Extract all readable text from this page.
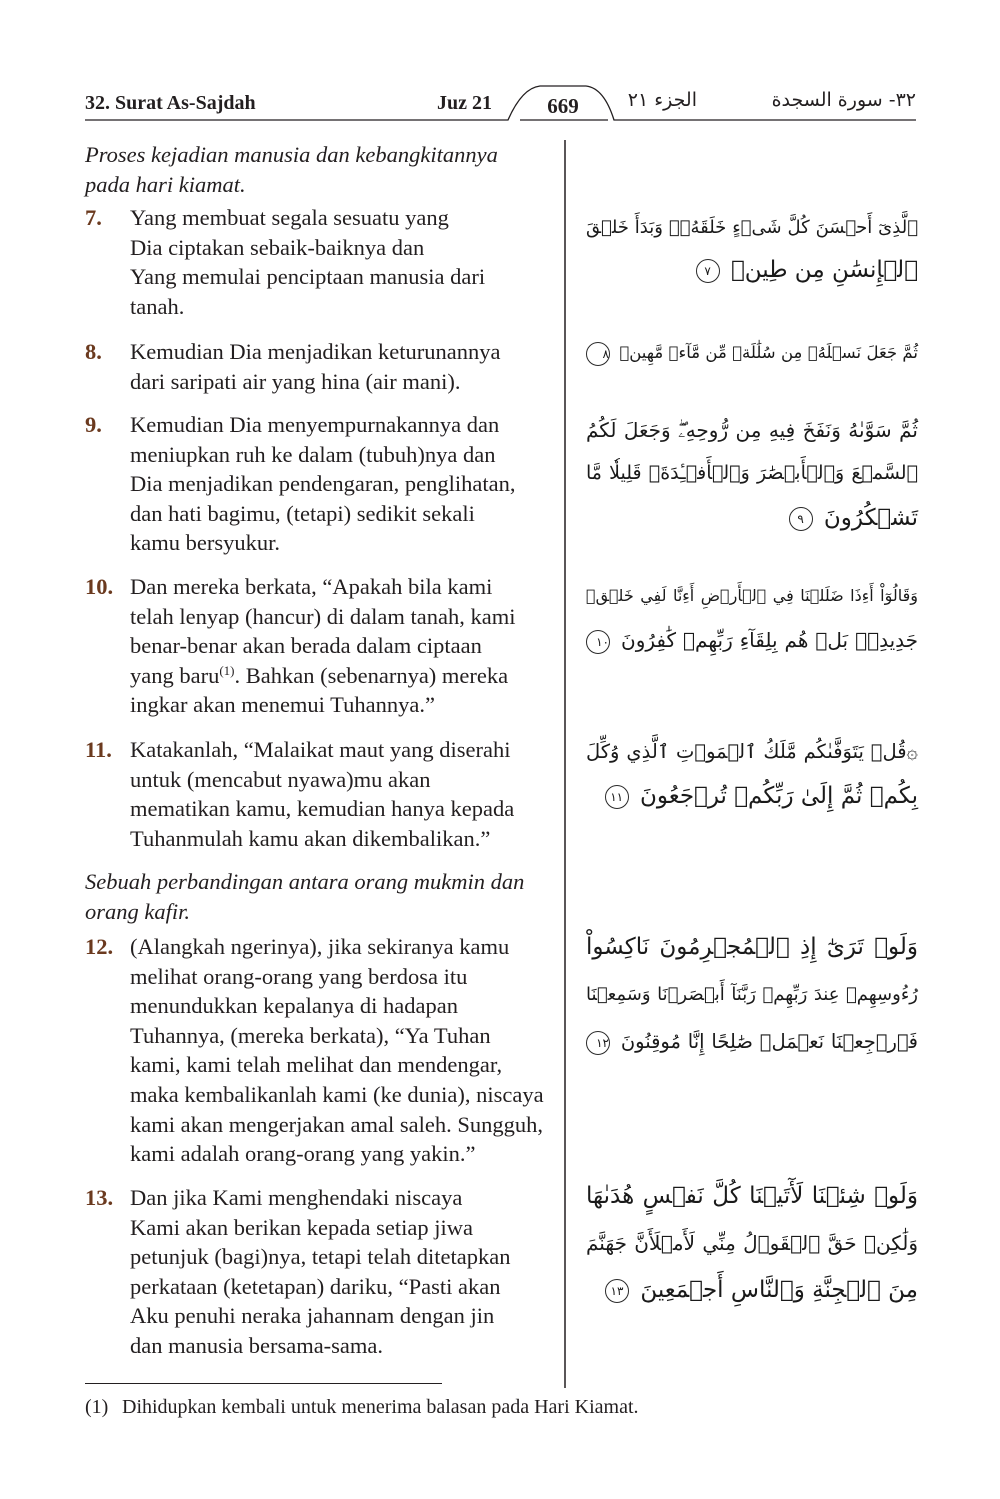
32. Surat As-Sajdah	Juz 21	669	الجزء ٢١	٣٢- سورة السجدة
Proses kejadian manusia dan kebangkitannya
pada hari kiamat.
7.	Yang membuat segala sesuatu yang
Dia ciptakan sebaik-baiknya dan
Yang memulai penciptaan manusia dari
tanah.
ٱلَّذِىٓ أَحۡسَنَ كُلَّ شَىۡءٍ خَلَقَهُۥۖ وَبَدَأَ خَلۡقَ
ٱلۡإِنسَٰنِ مِن طِينٖ ٧
8.	Kemudian Dia menjadikan keturunannya
dari saripati air yang hina (air mani).
ثُمَّ جَعَلَ نَسۡلَهُۥ مِن سُلَٰلَةٖ مِّن مَّآءٖ مَّهِينٖ ٨
9.	Kemudian Dia menyempurnakannya dan
meniupkan ruh ke dalam (tubuh)nya dan
Dia menjadikan pendengaran, penglihatan,
dan hati bagimu, (tetapi) sedikit sekali
kamu bersyukur.
ثُمَّ سَوَّىٰهُ وَنَفَخَ فِيهِ مِن رُّوحِهِۦۖ وَجَعَلَ لَكُمُ
ٱلسَّمۡعَ وَٱلۡأَبۡصَٰرَ وَٱلۡأَفۡـِٔدَةَۚ قَلِيلٗا مَّا
تَشۡكُرُونَ ٩
10. Dan mereka berkata, “Apakah bila kami
telah lenyap (hancur) di dalam tanah, kami
benar-benar akan berada dalam ciptaan
yang baru$^{(1)}$. Bahkan (sebenarnya) mereka
ingkar akan menemui Tuhannya.”
وَقَالُوٓاْ أَءِذَا ضَلَلۡنَا فِي ٱلۡأَرۡضِ أَءِنَّا لَفِي خَلۡقٖ
جَدِيدِۭۚ بَلۡ هُم بِلِقَآءِ رَبِّهِمۡ كَٰفِرُونَ ١٠
11. Katakanlah, “Malaikat maut yang diserahi
untuk (mencabut nyawa)mu akan
mematikan kamu, kemudian hanya kepada
Tuhanmulah kamu akan dikembalikan.”
۞قُلۡ يَتَوَفَّىٰكُم مَّلَكُ ٱلۡمَوۡتِ ٱلَّذِي وُكِّلَ
بِكُمۡ ثُمَّ إِلَىٰ رَبِّكُمۡ تُرۡجَعُونَ ١١
Sebuah perbandingan antara orang mukmin dan
orang kafir.
12. (Alangkah ngerinya), jika sekiranya kamu
melihat orang-orang yang berdosa itu
menundukkan kepalanya di hadapan
Tuhannya, (mereka berkata), “Ya Tuhan
kami, kami telah melihat dan mendengar,
maka kembalikanlah kami (ke dunia), niscaya
kami akan mengerjakan amal saleh. Sungguh,
kami adalah orang-orang yang yakin.”
وَلَوۡ تَرَىٰٓ إِذِ ٱلۡمُجۡرِمُونَ نَاكِسُواْ
رُءُوسِهِمۡ عِندَ رَبِّهِمۡ رَبَّنَآ أَبۡصَرۡنَا وَسَمِعۡنَا
فَٱرۡجِعۡنَا نَعۡمَلۡ صَٰلِحًا إِنَّا مُوقِنُونَ ١٢
13. Dan jika Kami menghendaki niscaya
Kami akan berikan kepada setiap jiwa
petunjuk (bagi)nya, tetapi telah ditetapkan
perkataan (ketetapan) dariku, “Pasti akan
Aku penuhi neraka jahannam dengan jin
dan manusia bersama-sama.
وَلَوۡ شِئۡنَا لَأٓتَيۡنَا كُلَّ نَفۡسٍ هُدَىٰهَا
وَلَٰكِنۡ حَقَّ ٱلۡقَوۡلُ مِنِّي لَأَمۡلَأَنَّ جَهَنَّمَ
مِنَ ٱلۡجِنَّةِ وَٱلنَّاسِ أَجۡمَعِينَ ١٣
(1) Dihidupkan kembali untuk menerima balasan pada Hari Kiamat.
